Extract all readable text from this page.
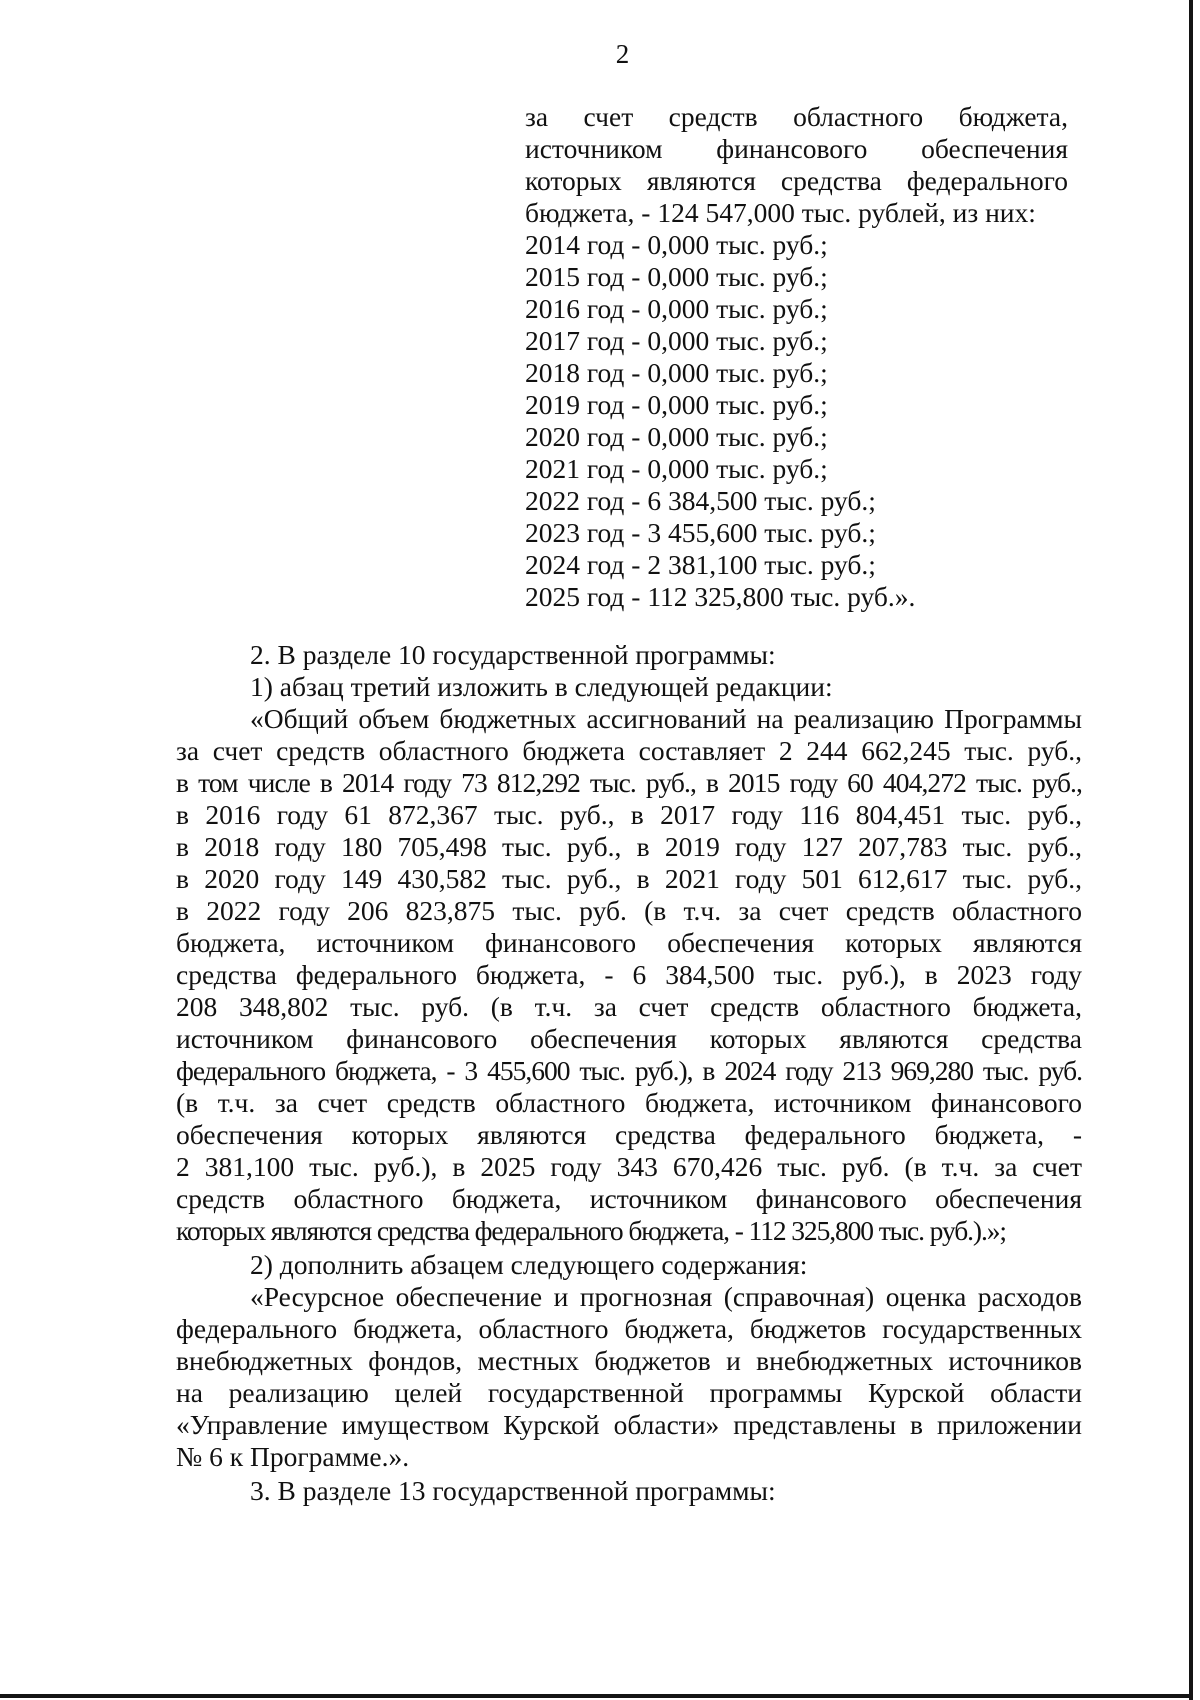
2
за счет средств областного бюджета,
источником финансового обеспечения
которых являются средства федерального
бюджета, - 124 547,000 тыс. рублей, из них:
2014 год - 0,000 тыс. руб.;
2015 год - 0,000 тыс. руб.;
2016 год - 0,000 тыс. руб.;
2017 год - 0,000 тыс. руб.;
2018 год - 0,000 тыс. руб.;
2019 год - 0,000 тыс. руб.;
2020 год - 0,000 тыс. руб.;
2021 год - 0,000 тыс. руб.;
2022 год - 6 384,500 тыс. руб.;
2023 год - 3 455,600 тыс. руб.;
2024 год - 2 381,100 тыс. руб.;
2025 год - 112 325,800 тыс. руб.».
2. В разделе 10 государственной программы:
1) абзац третий изложить в следующей редакции:
«Общий объем бюджетных ассигнований на реализацию Программы
за счет средств областного бюджета составляет 2 244 662,245 тыс. руб.,
в том числе в 2014 году 73 812,292 тыс. руб., в 2015 году 60 404,272 тыс. руб.,
в 2016 году 61 872,367 тыс. руб., в 2017 году 116 804,451 тыс. руб.,
в 2018 году 180 705,498 тыс. руб., в 2019 году 127 207,783 тыс. руб.,
в 2020 году 149 430,582 тыс. руб., в 2021 году 501 612,617 тыс. руб.,
в 2022 году 206 823,875 тыс. руб. (в т.ч. за счет средств областного
бюджета, источником финансового обеспечения которых являются
средства федерального бюджета, - 6 384,500 тыс. руб.), в 2023 году
208 348,802 тыс. руб. (в т.ч. за счет средств областного бюджета,
источником финансового обеспечения которых являются средства
федерального бюджета, - 3 455,600 тыс. руб.), в 2024 году 213 969,280 тыс. руб.
(в т.ч. за счет средств областного бюджета, источником финансового
обеспечения которых являются средства федерального бюджета, -
2 381,100 тыс. руб.), в 2025 году 343 670,426 тыс. руб. (в т.ч. за счет
средств областного бюджета, источником финансового обеспечения
которых являются средства федерального бюджета, - 112 325,800 тыс. руб.).»;
2) дополнить абзацем следующего содержания:
«Ресурсное обеспечение и прогнозная (справочная) оценка расходов
федерального бюджета, областного бюджета, бюджетов государственных
внебюджетных фондов, местных бюджетов и внебюджетных источников
на реализацию целей государственной программы Курской области
«Управление имуществом Курской области» представлены в приложении
№ 6 к Программе.».
3. В разделе 13 государственной программы:
